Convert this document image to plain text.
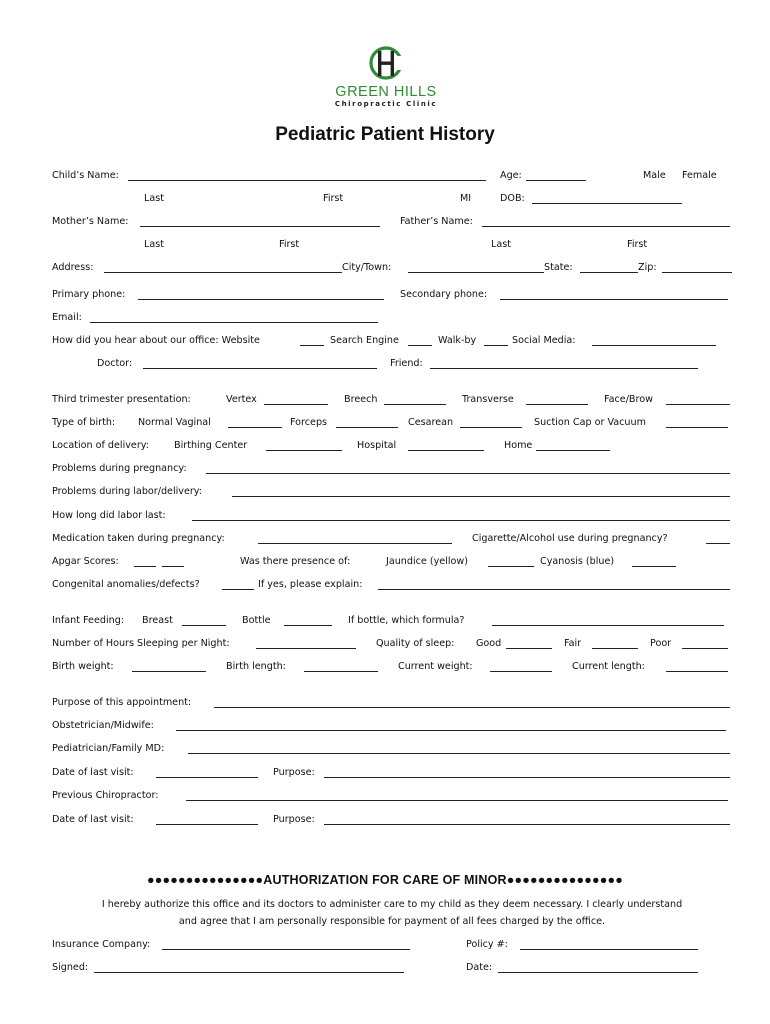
GREEN HILLS
Chiropractic Clinic
Pediatric Patient History
Child’s Name:	Age:	Male Female
Last	First	MI	DOB:
Mother’s Name:	Father’s Name:
Last	First	Last	First
Address:	City/Town:	State:	Zip:
Primary phone:	Secondary phone:
Email:
How did you hear about our office: Website	Search Engine	Walk-by	Social Media:
Doctor:	Friend:
Third trimester presentation:	Vertex	Breech	Transverse	Face/Brow
Type of birth: Normal Vaginal	Forceps	Cesarean	Suction Cap or Vacuum
Location of delivery:	Birthing Center	Hospital	Home
Problems during pregnancy:
Problems during labor/delivery:
How long did labor last:
Medication taken during pregnancy:	Cigarette/Alcohol use during pregnancy?
Apgar Scores:	Was there presence of:	Jaundice (yellow)	Cyanosis (blue)
Congenital anomalies/defects?	If yes, please explain:
Infant Feeding: Breast	Bottle	If bottle, which formula?
Number of Hours Sleeping per Night:	Quality of sleep: Good	Fair	Poor
Birth weight:	Birth length:	Current weight:	Current length:
Purpose of this appointment:
Obstetrician/Midwife:
Pediatrician/Family MD:
Date of last visit:	Purpose:
Previous Chiropractor:
Date of last visit:	Purpose:
●●●●●●●●●●●●●●●AUTHORIZATION FOR CARE OF MINOR●●●●●●●●●●●●●●●
I hereby authorize this office and its doctors to administer care to my child as they deem necessary. I clearly understand
and agree that I am personally responsible for payment of all fees charged by the office.
Insurance Company:	Policy #:
Signed:	Date:
